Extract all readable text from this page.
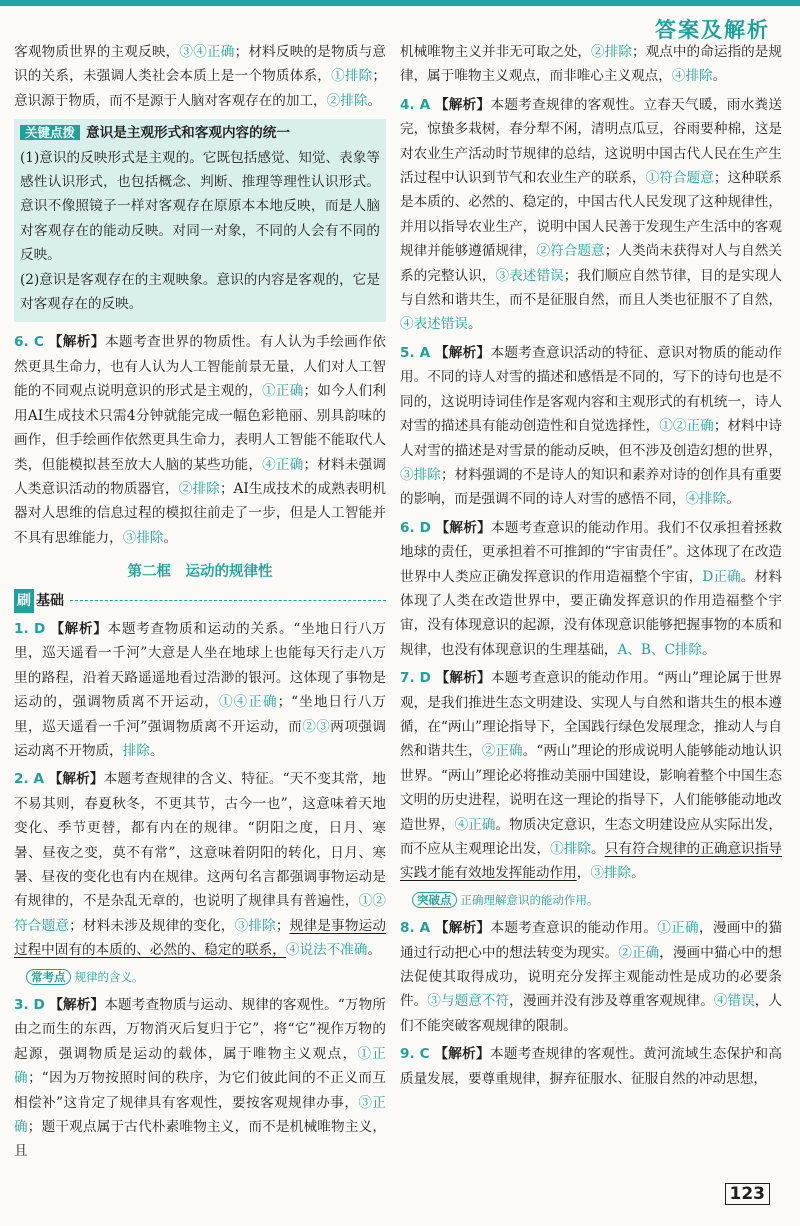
答案及解析

客观物质世界的主观反映，③④正确；材料反映的是物质与意识的关系，未强调人类社会本质上是一个物质体系，①排除；意识源于物质，而不是源于人脑对客观存在的加工，②排除。

关键点拨 意识是主观形式和客观内容的统一

(1)意识的反映形式是主观的。它既包括感觉、知觉、表象等感性认识形式，也包括概念、判断、推理等理性认识形式。意识不像照镜子一样对客观存在原原本本地反映，而是人脑对客观存在的能动反映。对同一对象，不同的人会有不同的反映。

(2)意识是客观存在的主观映象。意识的内容是客观的，它是对客观存在的反映。

6. C 【解析】本题考查世界的物质性。有人认为手绘画作依然更具生命力，也有人认为人工智能前景无量，人们对人工智能的不同观点说明意识的形式是主观的，①正确；如今人们利用AI生成技术只需4分钟就能完成一幅色彩艳丽、别具韵味的画作，但手绘画作依然更具生命力，表明人工智能不能取代人类，但能模拟甚至放大人脑的某些功能，④正确；材料未强调人类意识活动的物质器官，②排除；AI生成技术的成熟表明机器对人思维的信息过程的模拟往前走了一步，但是人工智能并不具有思维能力，③排除。

第二框　运动的规律性
刷 基础

1. D 【解析】本题考查物质和运动的关系。“坐地日行八万里，巡天遥看一千河”大意是人坐在地球上也能每天行走八万里的路程，沿着天路遥遥地看过浩渺的银河。这体现了事物是运动的，强调物质离不开运动，①④正确；“坐地日行八万里，巡天遥看一千河”强调物质离不开运动，而②③两项强调运动离不开物质，排除。

2. A 【解析】本题考查规律的含义、特征。“天不变其常，地不易其则，春夏秋冬，不更其节，古今一也”，这意味着天地变化、季节更替，都有内在的规律。“阴阳之度，日月、寒暑、昼夜之变，莫不有常”，这意味着阴阳的转化，日月、寒暑、昼夜的变化也有内在规律。这两句名言都强调事物运动是有规律的，不是杂乱无章的，也说明了规律具有普遍性，①②符合题意；材料未涉及规律的变化，③排除；规律是事物运动过程中固有的本质的、必然的、稳定的联系，④说法不准确。

常考点 规律的含义。

3. D 【解析】本题考查物质与运动、规律的客观性。“万物所由之而生的东西，万物消灭后复归于它”，将“它”视作万物的起源，强调物质是运动的载体，属于唯物主义观点，①正确；“因为万物按照时间的秩序，为它们彼此间的不正义而互相偿补”这肯定了规律具有客观性，要按客观规律办事，③正确；题干观点属于古代朴素唯物主义，而不是机械唯物主义，且

机械唯物主义并非无可取之处，②排除；观点中的命运指的是规律，属于唯物主义观点，而非唯心主义观点，④排除。

4. A 【解析】本题考查规律的客观性。立春天气暖，雨水粪送完，惊蛰多栽树，春分犁不闲，清明点瓜豆，谷雨要种棉，这是对农业生产活动时节规律的总结，这说明中国古代人民在生产生活过程中认识到节气和农业生产的联系，①符合题意；这种联系是本质的、必然的、稳定的，中国古代人民发现了这种规律性，并用以指导农业生产，说明中国人民善于发现生产生活中的客观规律并能够遵循规律，②符合题意；人类尚未获得对人与自然关系的完整认识，③表述错误；我们顺应自然节律，目的是实现人与自然和谐共生，而不是征服自然，而且人类也征服不了自然，④表述错误。

5. A 【解析】本题考查意识活动的特征、意识对物质的能动作用。不同的诗人对雪的描述和感悟是不同的，写下的诗句也是不同的，这说明诗词佳作是客观内容和主观形式的有机统一，诗人对雪的描述具有能动创造性和自觉选择性，①②正确；材料中诗人对雪的描述是对雪景的能动反映，但不涉及创造幻想的世界，③排除；材料强调的不是诗人的知识和素养对诗的创作具有重要的影响，而是强调不同的诗人对雪的感悟不同，④排除。

6. D 【解析】本题考查意识的能动作用。我们不仅承担着拯救地球的责任，更承担着不可推卸的“宇宙责任”。这体现了在改造世界中人类应正确发挥意识的作用造福整个宇宙，D正确。材料体现了人类在改造世界中，要正确发挥意识的作用造福整个宇宙，没有体现意识的起源，没有体现意识能够把握事物的本质和规律，也没有体现意识的生理基础，A、B、C排除。

7. D 【解析】本题考查意识的能动作用。“两山”理论属于世界观，是我们推进生态文明建设、实现人与自然和谐共生的根本遵循，在“两山”理论指导下，全国践行绿色发展理念，推动人与自然和谐共生，②正确。“两山”理论的形成说明人能够能动地认识世界。“两山”理论必将推动美丽中国建设，影响着整个中国生态文明的历史进程，说明在这一理论的指导下，人们能够能动地改造世界，④正确。物质决定意识，生态文明建设应从实际出发，而不应从主观理论出发，①排除。只有符合规律的正确意识指导实践才能有效地发挥能动作用，③排除。

突破点 正确理解意识的能动作用。

8. A 【解析】本题考查意识的能动作用。①正确，漫画中的猫通过行动把心中的想法转变为现实。②正确，漫画中猫心中的想法促使其取得成功，说明充分发挥主观能动性是成功的必要条件。③与题意不符，漫画并没有涉及尊重客观规律。④错误，人们不能突破客观规律的限制。

9. C 【解析】本题考查规律的客观性。黄河流域生态保护和高质量发展，要尊重规律，摒弃征服水、征服自然的冲动思想，

123
